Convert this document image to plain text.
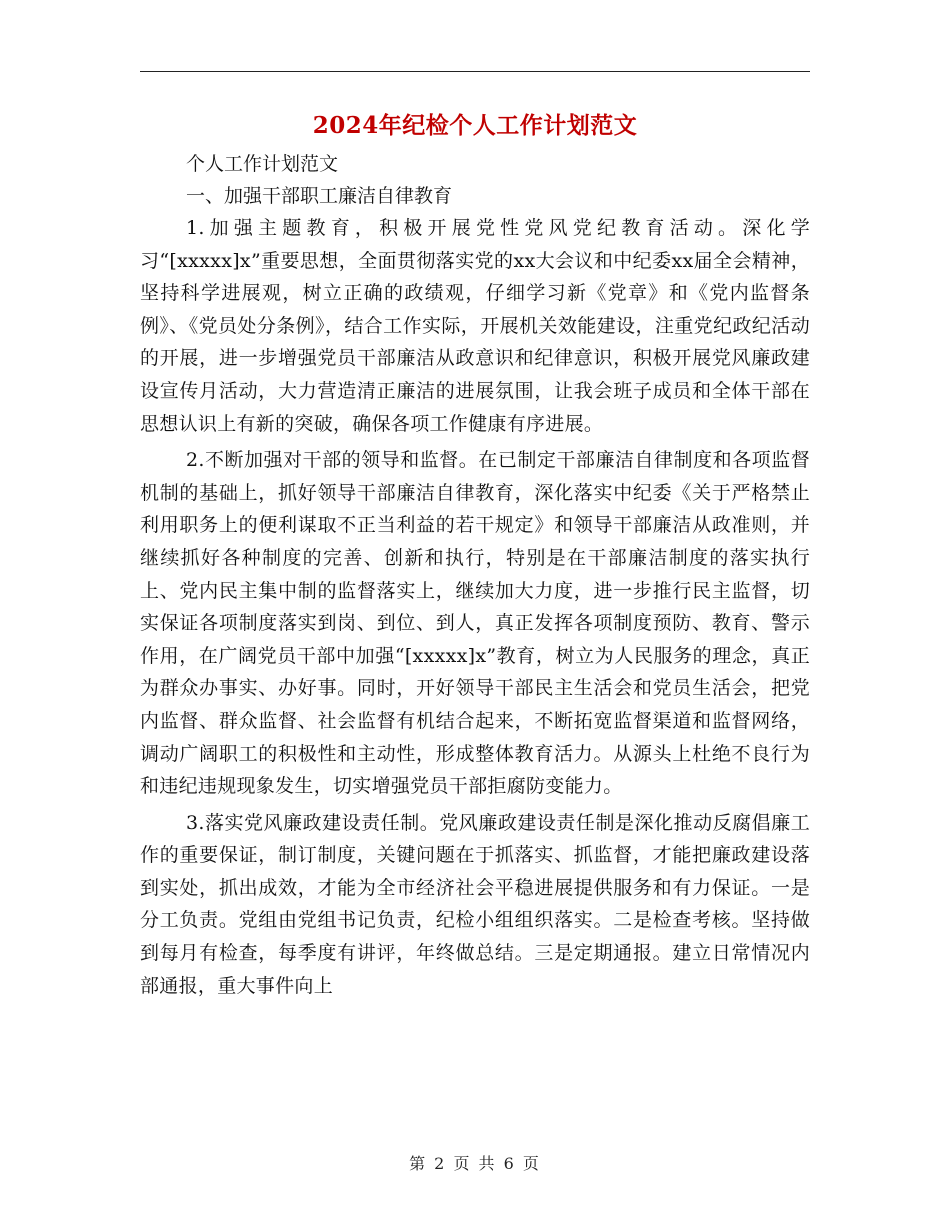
2024年纪检个人工作计划范文

个人工作计划范文

一、加强干部职工廉洁自律教育

1.加强主题教育，积极开展党性党风党纪教育活动。深化学习“[xxxxx]x”重要思想，全面贯彻落实党的xx大会议和中纪委xx届全会精神，坚持科学进展观，树立正确的政绩观，仔细学习新《党章》和《党内监督条例》、《党员处分条例》，结合工作实际，开展机关效能建设，注重党纪政纪活动的开展，进一步增强党员干部廉洁从政意识和纪律意识，积极开展党风廉政建设宣传月活动，大力营造清正廉洁的进展氛围，让我会班子成员和全体干部在思想认识上有新的突破，确保各项工作健康有序进展。

2.不断加强对干部的领导和监督。在已制定干部廉洁自律制度和各项监督机制的基础上，抓好领导干部廉洁自律教育，深化落实中纪委《关于严格禁止利用职务上的便利谋取不正当利益的若干规定》和领导干部廉洁从政准则，并继续抓好各种制度的完善、创新和执行，特别是在干部廉洁制度的落实执行上、党内民主集中制的监督落实上，继续加大力度，进一步推行民主监督，切实保证各项制度落实到岗、到位、到人，真正发挥各项制度预防、教育、警示作用，在广阔党员干部中加强“[xxxxx]x”教育，树立为人民服务的理念，真正为群众办事实、办好事。同时，开好领导干部民主生活会和党员生活会，把党内监督、群众监督、社会监督有机结合起来，不断拓宽监督渠道和监督网络，调动广阔职工的积极性和主动性，形成整体教育活力。从源头上杜绝不良行为和违纪违规现象发生，切实增强党员干部拒腐防变能力。

3.落实党风廉政建设责任制。党风廉政建设责任制是深化推动反腐倡廉工作的重要保证，制订制度，关键问题在于抓落实、抓监督，才能把廉政建设落到实处，抓出成效，才能为全市经济社会平稳进展提供服务和有力保证。一是分工负责。党组由党组书记负责，纪检小组组织落实。二是检查考核。坚持做到每月有检查，每季度有讲评，年终做总结。三是定期通报。建立日常情况内部通报，重大事件向上

第 2 页 共 6 页
